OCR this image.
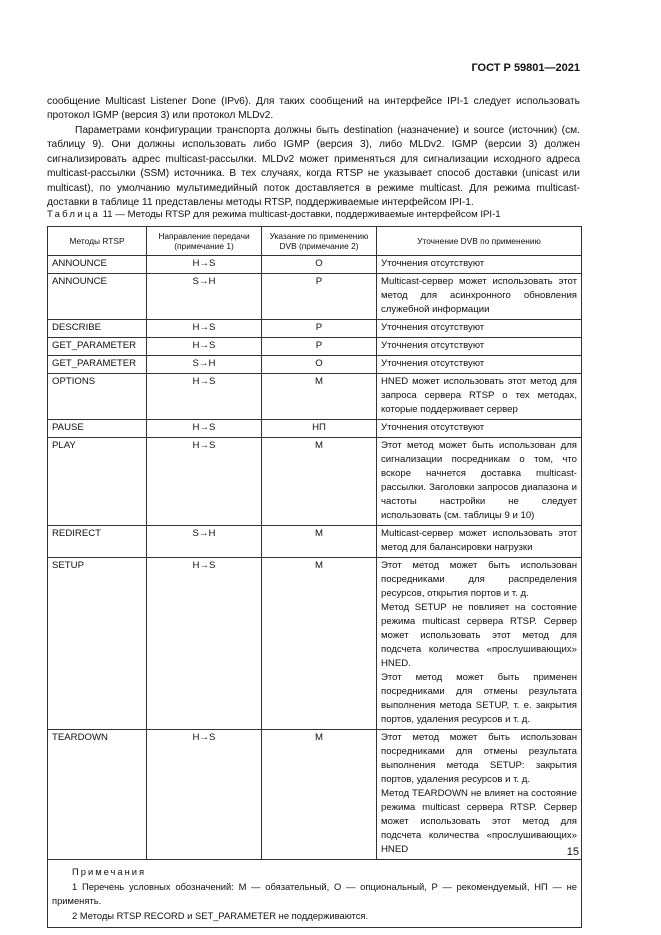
ГОСТ Р 59801—2021
сообщение Multicast Listener Done (IPv6). Для таких сообщений на интерфейсе IPI-1 следует использовать протокол IGMP (версия 3) или протокол MLDv2.
Параметрами конфигурации транспорта должны быть destination (назначение) и source (источник) (см. таблицу 9). Они должны использовать либо IGMP (версия 3), либо MLDv2. IGMP (версии 3) должен сигнализировать адрес multicast-рассылки. MLDv2 может применяться для сигнализации исходного адреса multicast-рассылки (SSM) источника. В тех случаях, когда RTSP не указывает способ доставки (unicast или multicast), по умолчанию мультимедийный поток доставляется в режиме multicast. Для режима multicast-доставки в таблице 11 представлены методы RTSP, поддерживаемые интерфейсом IPI-1.
Таблица 11 — Методы RTSP для режима multicast-доставки, поддерживаемые интерфейсом IPI-1
Методы RTSP	Направление передачи (примечание 1)	Указание по применению DVB (примечание 2)	Уточнение DVB по применению
ANNOUNCE	H→S	O	Уточнения отсутствуют
ANNOUNCE	S→H	P	Multicast-сервер может использовать этот метод для асинхронного обновления служебной информации
DESCRIBE	H→S	P	Уточнения отсутствуют
GET_PARAMETER	H→S	P	Уточнения отсутствуют
GET_PARAMETER	S→H	O	Уточнения отсутствуют
OPTIONS	H→S	M	HNED может использовать этот метод для запроса сервера RTSP о тех методах, которые поддерживает сервер
PAUSE	H→S	НП	Уточнения отсутствуют
PLAY	H→S	M	Этот метод может быть использован для сигнализации посредникам о том, что вскоре начнется доставка multicast-рассылки. Заголовки запросов диапазона и частоты настройки не следует использовать (см. таблицы 9 и 10)
REDIRECT	S→H	M	Multicast-сервер может использовать этот метод для балансировки нагрузки
SETUP	H→S	M	Этот метод может быть использован посредниками для распределения ресурсов, открытия портов и т. д.
Метод SETUP не повлияет на состояние режима multicast сервера RTSP. Сервер может использовать этот метод для подсчета количества «прослушивающих» HNED.
Этот метод может быть применен посредниками для отмены результата выполнения метода SETUP, т. е. закрытия портов, удаления ресурсов и т. д.
TEARDOWN	H→S	M	Этот метод может быть использован посредниками для отмены результата выполнения метода SETUP: закрытия портов, удаления ресурсов и т. д.
Метод TEARDOWN не влияет на состояние режима multicast сервера RTSP. Сервер может использовать этот метод для подсчета количества «прослушивающих» HNED

Примечания
1 Перечень условных обозначений: M — обязательный, O — опциональный, P — рекомендуемый, НП — не применять.
2 Методы RTSP RECORD и SET_PARAMETER не поддерживаются.			
15
